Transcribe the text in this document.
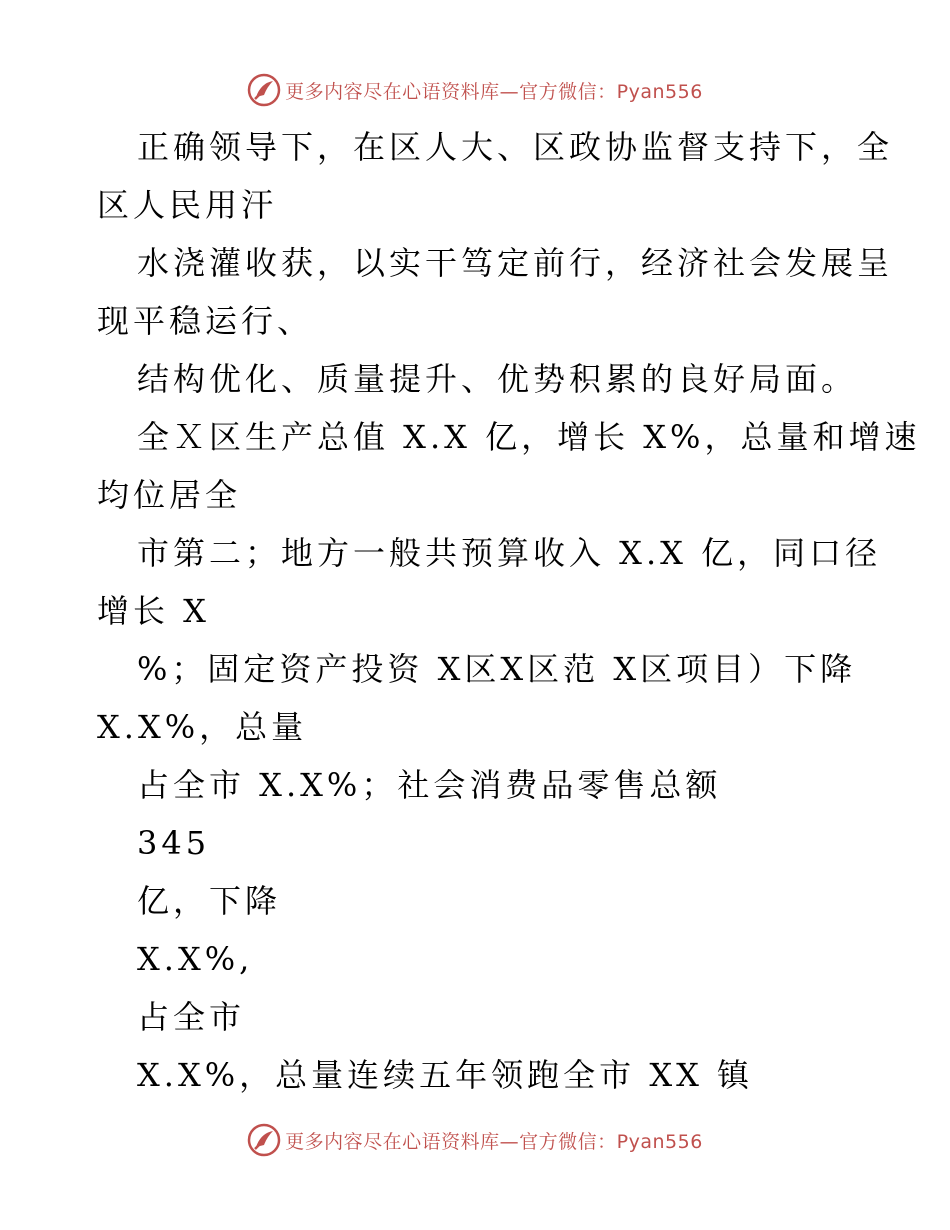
更多内容尽在心语资料库— 官方微信：Pyan556
正确领导下，在区人大、区政协监督支持下，全
区人民用汗
水浇灌收获，以实干笃定前行，经济社会发展呈
现平稳运行、
结构优化、质量提升、优势积累的良好局面。
全Ｘ区生产总值 X.X 亿，增长 X%，总量和增速
均位居全
市第二；地方一般共预算收入 X.X 亿，同口径
增长 X
%；固定资产投资 X区X区范 X区项目）下降
X.X%，总量
占全市 X.X%；社会消费品零售总额
345
亿，下降
X.X%,
占全市
X.X%，总量连续五年领跑全市 XX 镇
更多内容尽在心语资料库— 官方微信：Pyan556
